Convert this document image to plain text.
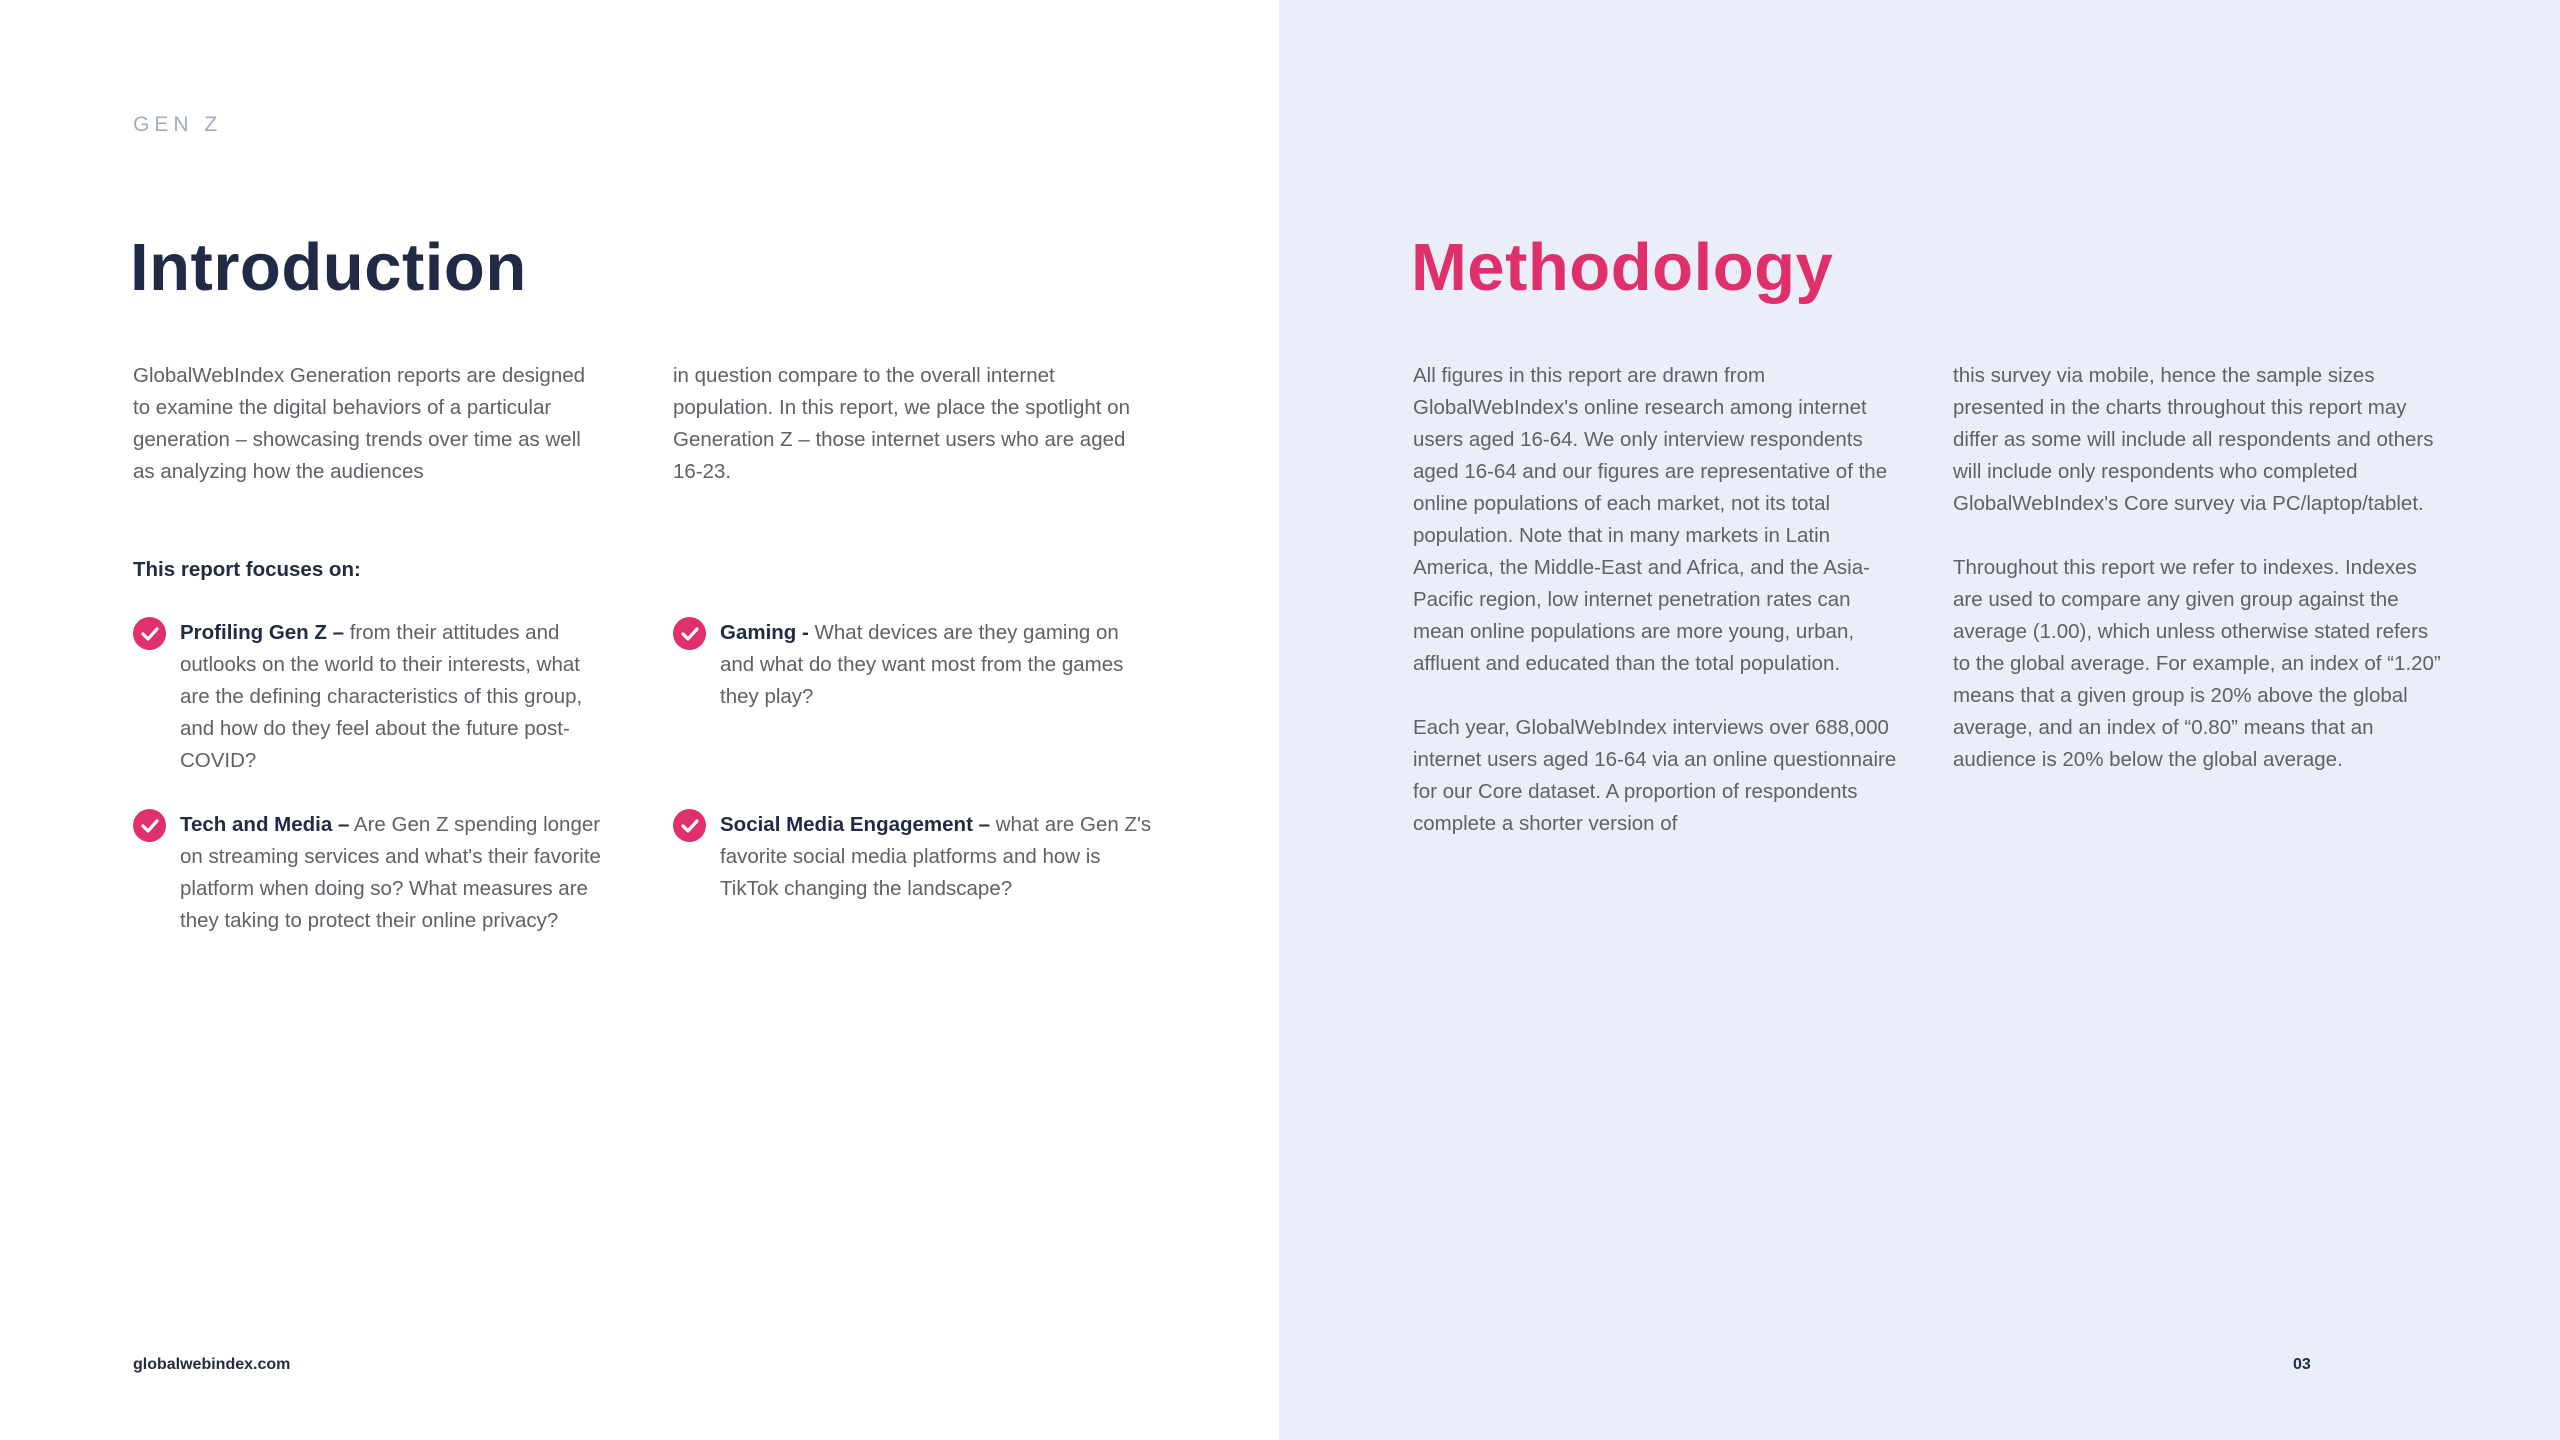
GEN Z
Introduction	Methodology

GlobalWebIndex Generation reports are designed to examine the digital behaviors of a particular generation – showcasing trends over time as well as analyzing how the audiences

in question compare to the overall internet population. In this report, we place the spotlight on Generation Z – those internet users who are aged 16-23.

This report focuses on:
Profiling Gen Z – from their attitudes and outlooks on the world to their interests, what are the defining characteristics of this group, and how do they feel about the future post-COVID?
Gaming - What devices are they gaming on and what do they want most from the games they play?
Tech and Media – Are Gen Z spending longer on streaming services and what's their favorite platform when doing so? What measures are they taking to protect their online privacy?
Social Media Engagement – what are Gen Z's favorite social media platforms and how is TikTok changing the landscape?
All figures in this report are drawn from GlobalWebIndex's online research among internet users aged 16-64. We only interview respondents aged 16-64 and our figures are representative of the online populations of each market, not its total population. Note that in many markets in Latin America, the Middle-East and Africa, and the Asia-Pacific region, low internet penetration rates can mean online populations are more young, urban, affluent and educated than the total population.
Each year, GlobalWebIndex interviews over 688,000 internet users aged 16-64 via an online questionnaire for our Core dataset. A proportion of respondents complete a shorter version of
this survey via mobile, hence the sample sizes presented in the charts throughout this report may differ as some will include all respondents and others will include only respondents who completed GlobalWebIndex's Core survey via PC/laptop/tablet.
Throughout this report we refer to indexes. Indexes are used to compare any given group against the average (1.00), which unless otherwise stated refers to the global average. For example, an index of “1.20” means that a given group is 20% above the global average, and an index of “0.80” means that an audience is 20% below the global average.
globalwebindex.com	03
